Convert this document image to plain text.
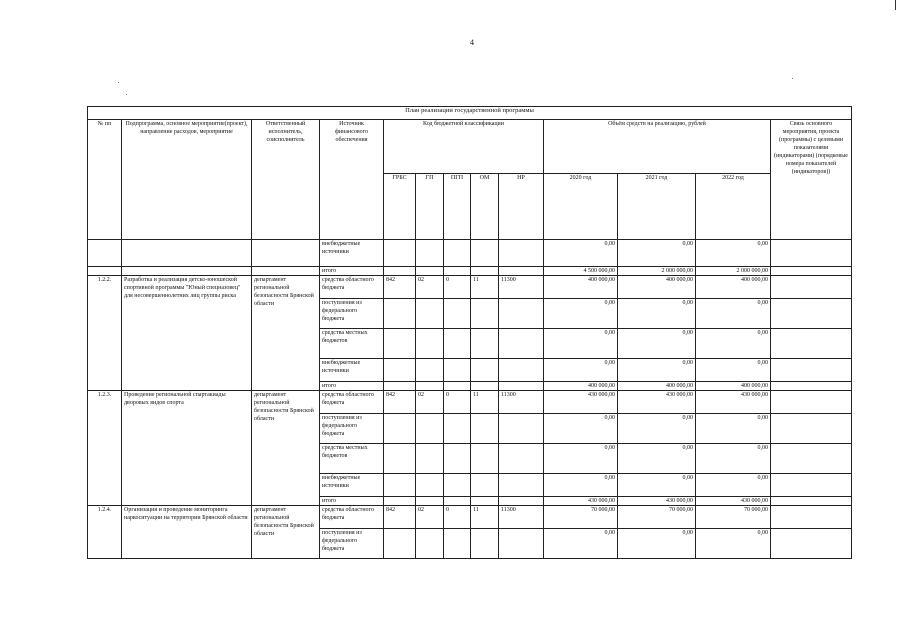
4
План реализации государственной программы												
№ пп	Подпрограмма, основное мероприятие(проект), направление расходов, мероприятие	Ответственный исполнитель, соисполнитель	Источник финансового обеспечения	Код бюджетной классификации					Объём средств на реализацию, рублей			Связь основного мероприятия, проекта (программы) с целевыми показателями (индикаторами) (порядковые номера показателей (индикаторов))
				ГРБС	ГП	ПГП	ОМ	НР	2020 год	2021 год	2022 год	
			внебюджетные источники						0,00	0,00	0,00	
			итого						4 500 000,00	2 000 000,00	2 000 000,00	
1.2.2.	Разработка и реализация детско-юношеской спортивной программы "Юный спецназовец" для несовершеннолетних лиц группы риска	департамент региональной безопасности Брянской области	средства областного бюджета	842	02	0	11	11300	400 000,00	400 000,00	400 000,00	
			поступления из федерального бюджета						0,00	0,00	0,00	
			средства местных бюджетов						0,00	0,00	0,00	
			внебюджетные источники						0,00	0,00	0,00	
			итого						400 000,00	400 000,00	400 000,00	
1.2.3.	Проведение региональной спартакиады дворовых видов спорта	департамент региональной безопасности Брянской области	средства областного бюджета	842	02	0	11	11300	430 000,00	430 000,00	430 000,00	
			поступления из федерального бюджета						0,00	0,00	0,00	
			средства местных бюджетов						0,00	0,00	0,00	
			внебюджетные источники						0,00	0,00	0,00	
			итого						430 000,00	430 000,00	430 000,00	
1.2.4.	Организация и проведение мониторинга наркоситуации на территории Брянской области	департамент региональной безопасности Брянской области	средства областного бюджета	842	02	0	11	11300	70 000,00	70 000,00	70 000,00	
			поступления из федерального бюджета						0,00	0,00	0,00	
